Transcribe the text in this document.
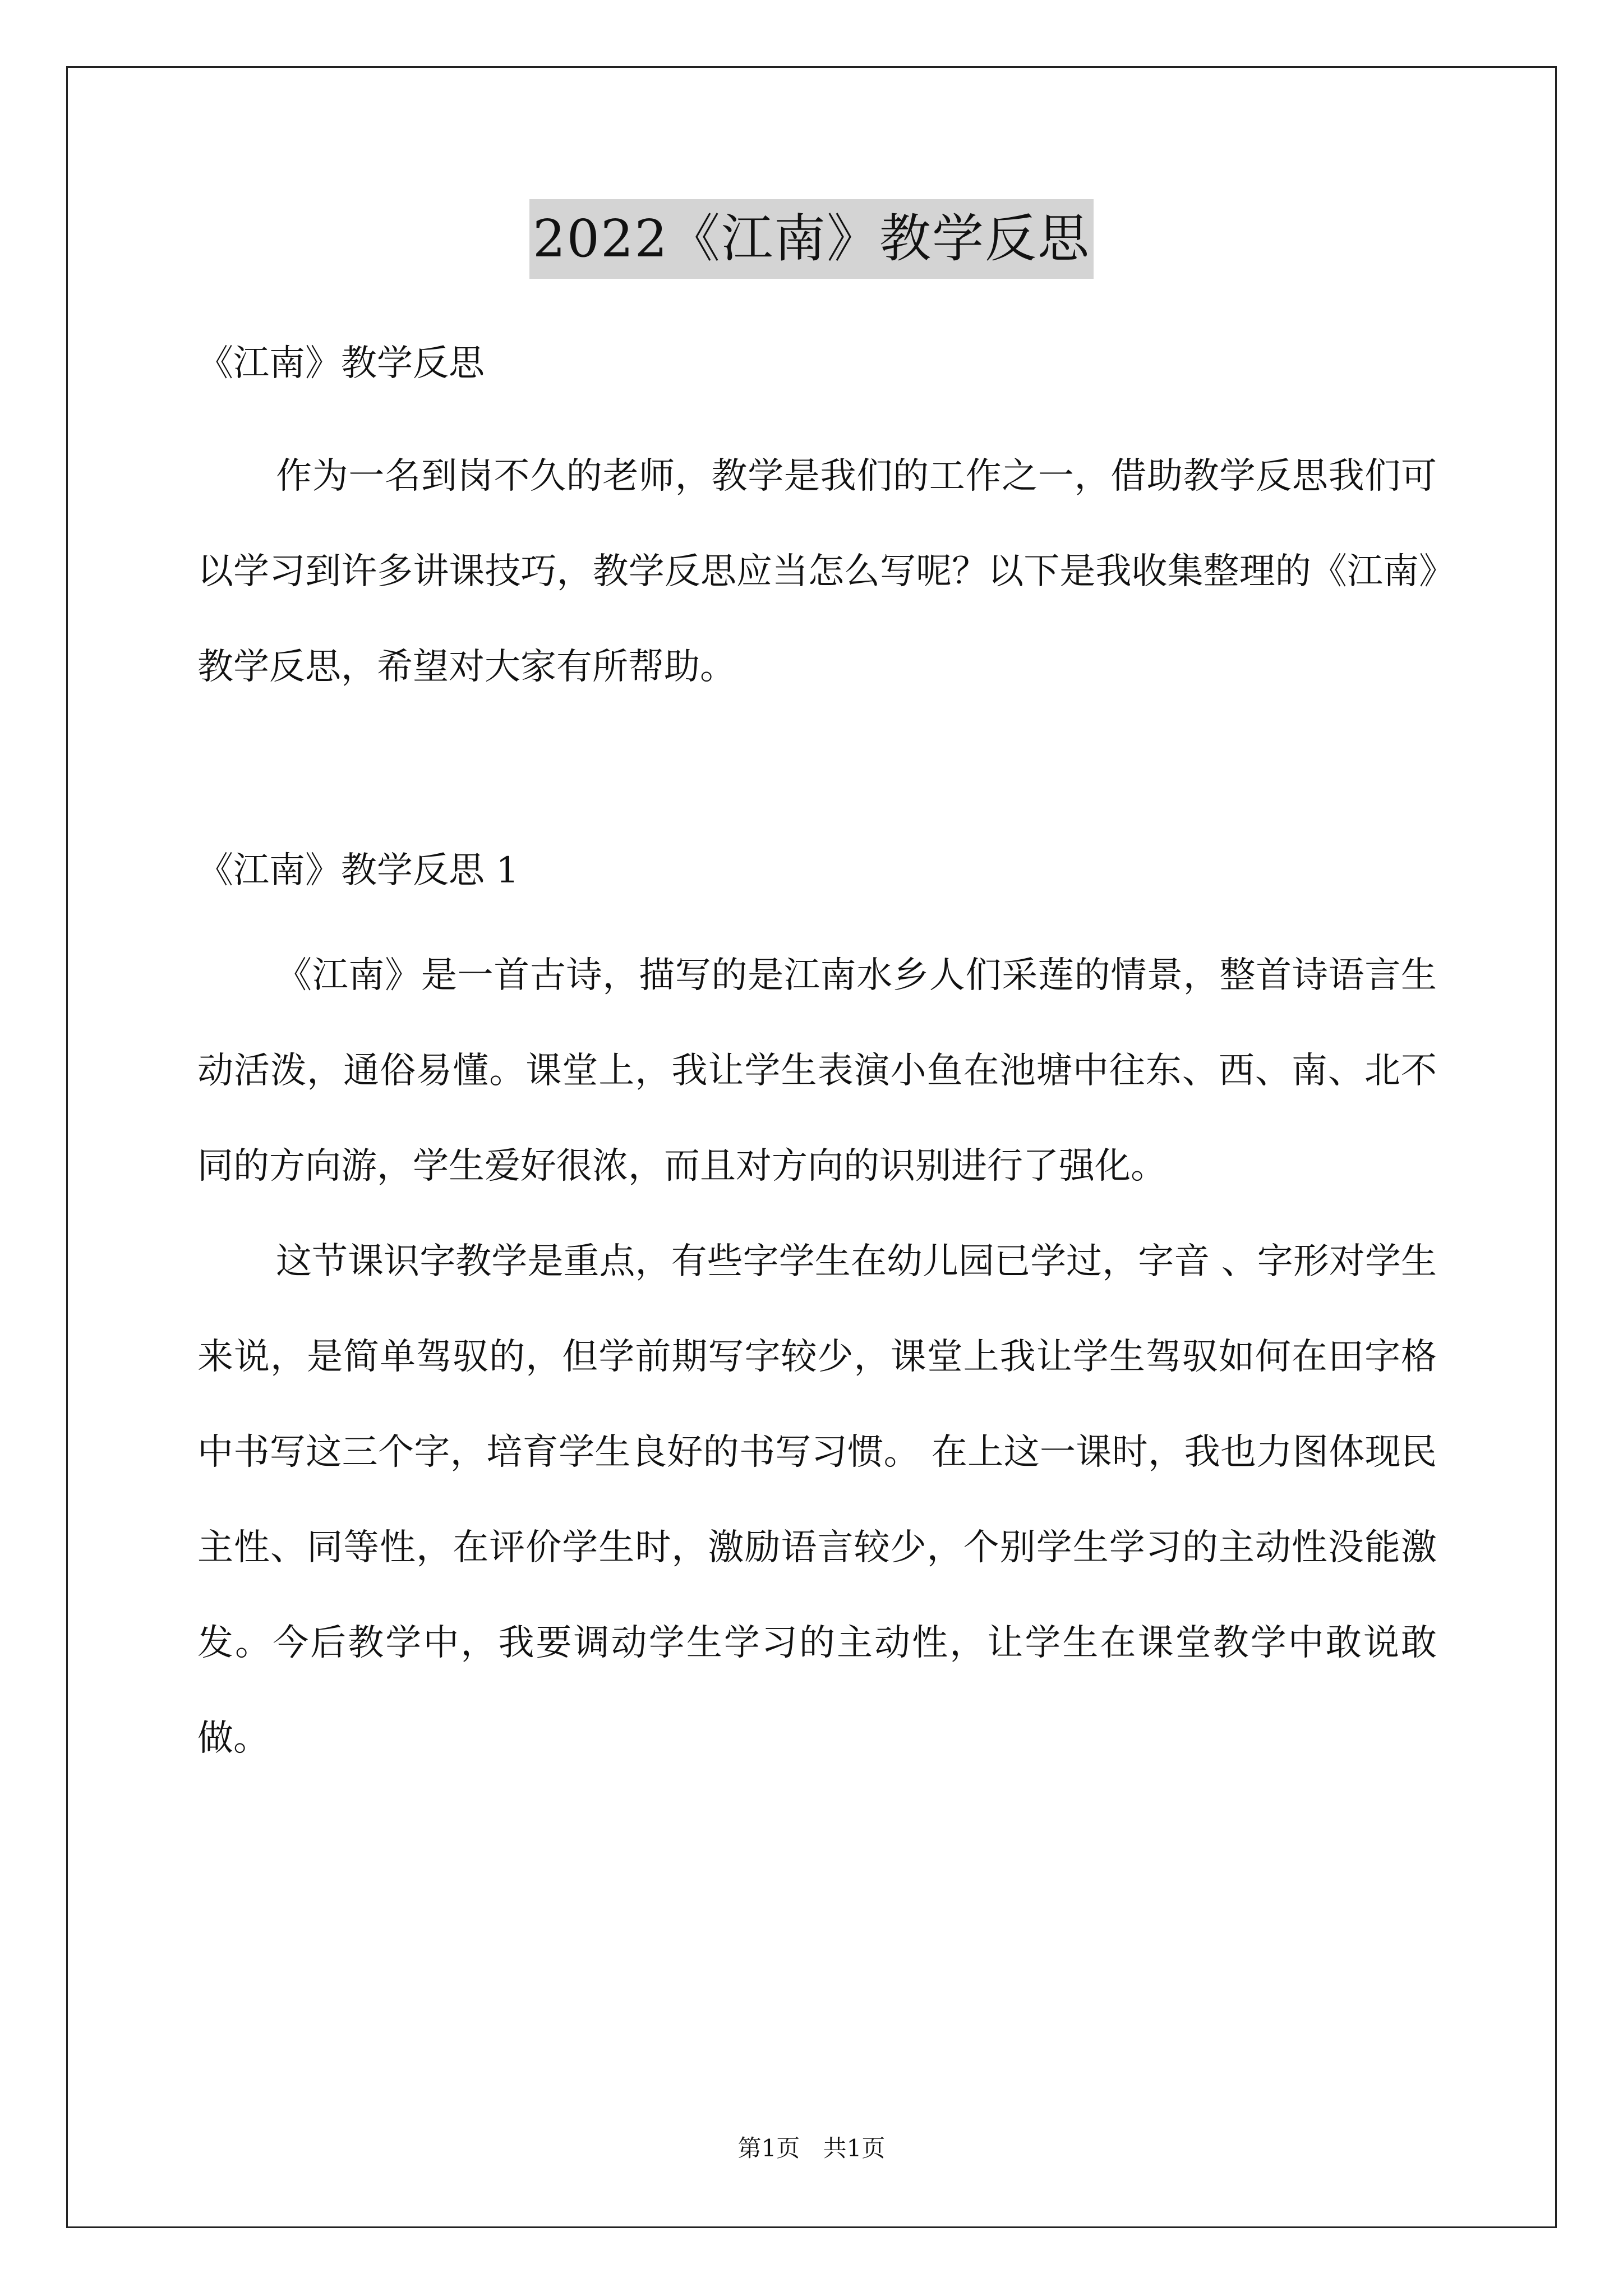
2022《江南》教学反思

《江南》教学反思

作为一名到岗不久的老师，教学是我们的工作之一，借助教学反思我们可以学习到许多讲课技巧，教学反思应当怎么写呢？以下是我收集整理的《江南》教学反思，希望对大家有所帮助。

《江南》教学反思 1

《江南》是一首古诗，描写的是江南水乡人们采莲的情景，整首诗语言生动活泼，通俗易懂。课堂上，我让学生表演小鱼在池塘中往东、西、南、北不同的方向游，学生爱好很浓，而且对方向的识别进行了强化。

这节课识字教学是重点，有些字学生在幼儿园已学过，字音 、字形对学生来说，是简单驾驭的，但学前期写字较少，课堂上我让学生驾驭如何在田字格中书写这三个字，培育学生良好的书写习惯。 在上这一课时，我也力图体现民主性、同等性，在评价学生时，激励语言较少，个别学生学习的主动性没能激发。今后教学中，我要调动学生学习的主动性，让学生在课堂教学中敢说敢做。

第1页 共1页
